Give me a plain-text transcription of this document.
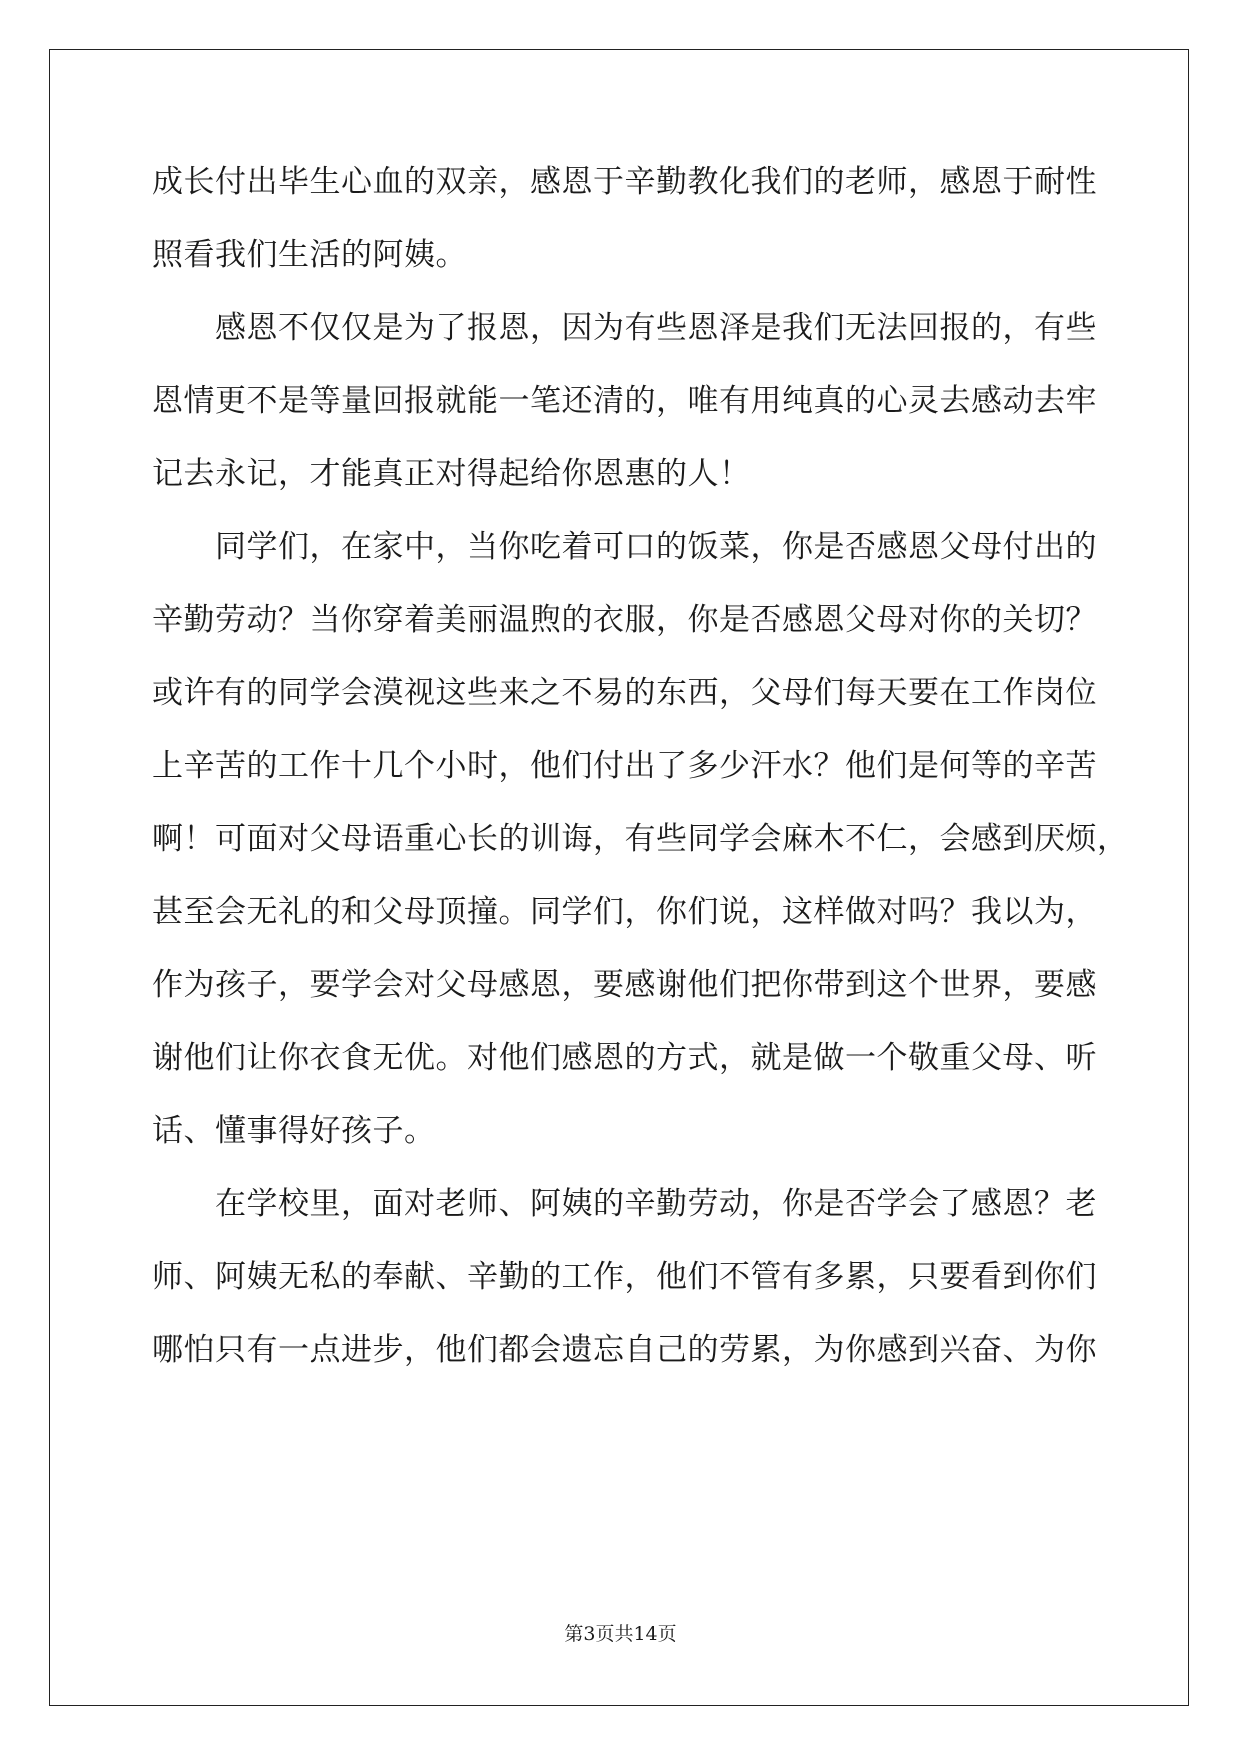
成长付出毕生心血的双亲，感恩于辛勤教化我们的老师，感恩于耐性
照看我们生活的阿姨。
　　感恩不仅仅是为了报恩，因为有些恩泽是我们无法回报的，有些
恩情更不是等量回报就能一笔还清的，唯有用纯真的心灵去感动去牢
记去永记，才能真正对得起给你恩惠的人！
　　同学们，在家中，当你吃着可口的饭菜，你是否感恩父母付出的
辛勤劳动？当你穿着美丽温煦的衣服，你是否感恩父母对你的关切？
或许有的同学会漠视这些来之不易的东西，父母们每天要在工作岗位
上辛苦的工作十几个小时，他们付出了多少汗水？他们是何等的辛苦
啊！可面对父母语重心长的训诲，有些同学会麻木不仁，会感到厌烦，
甚至会无礼的和父母顶撞。同学们，你们说，这样做对吗？我以为，
作为孩子，要学会对父母感恩，要感谢他们把你带到这个世界，要感
谢他们让你衣食无优。对他们感恩的方式，就是做一个敬重父母、听
话、懂事得好孩子。
　　在学校里，面对老师、阿姨的辛勤劳动，你是否学会了感恩？老
师、阿姨无私的奉献、辛勤的工作，他们不管有多累，只要看到你们
哪怕只有一点进步，他们都会遗忘自己的劳累，为你感到兴奋、为你
第3页共14页
